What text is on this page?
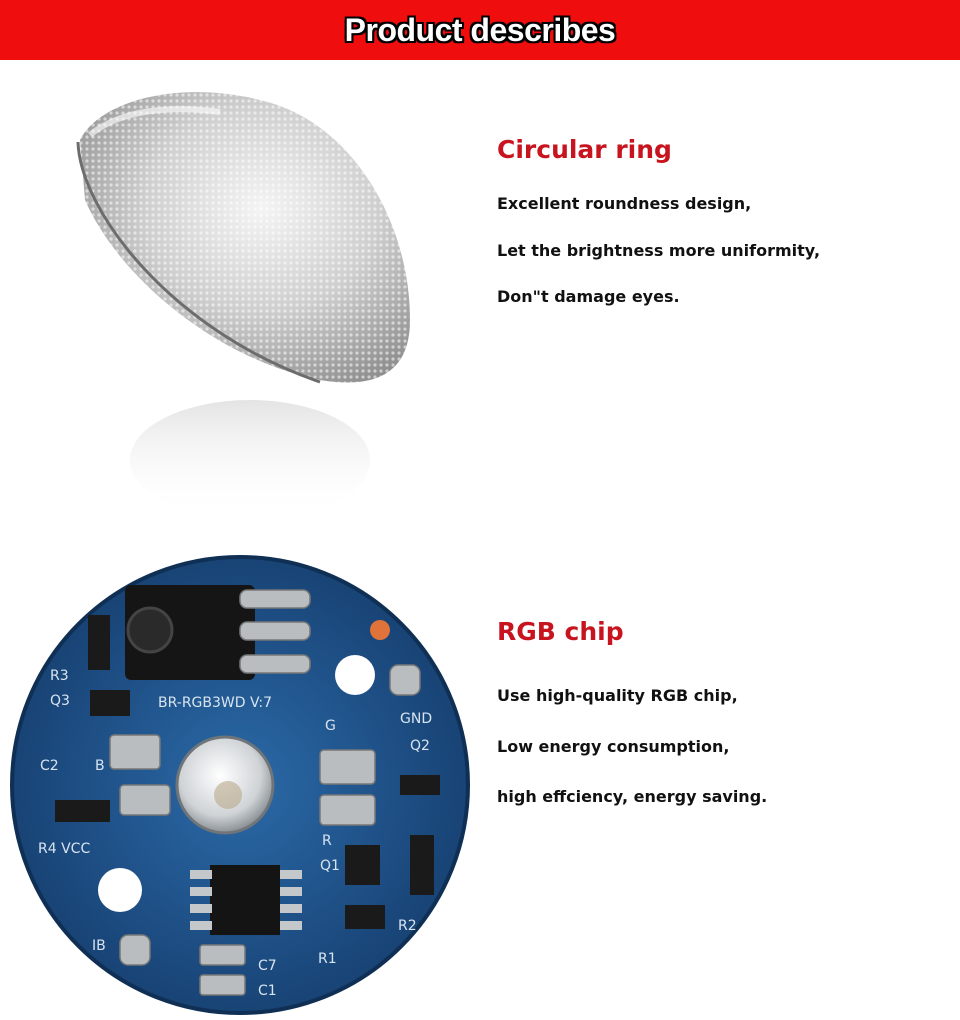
Product describes
BR-RGB3WD V:7
GND
R3
Q3
C2	B
G
Q2
R4 VCC	R
Q1
R2
IB
R1
C7
C1

Circular ring

Excellent roundness design,

Let the brightness more uniformity,

Don"t damage eyes.

RGB chip

Use high-quality RGB chip,

Low energy consumption,

high effciency, energy saving.
